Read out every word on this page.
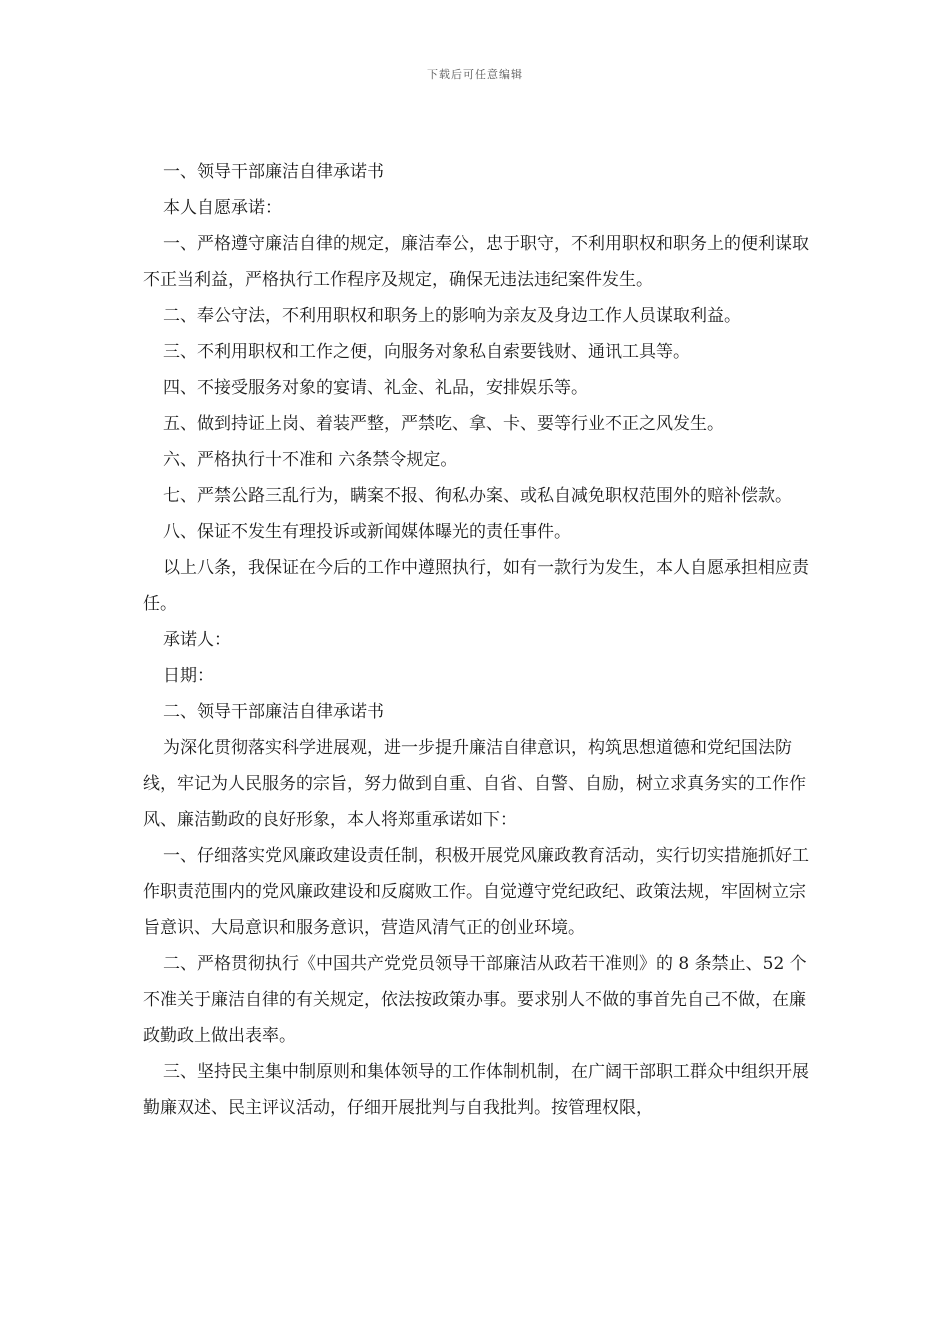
下载后可任意编辑

一、领导干部廉洁自律承诺书

本人自愿承诺：

一、严格遵守廉洁自律的规定，廉洁奉公，忠于职守，不利用职权和职务上的便利谋取不正当利益，严格执行工作程序及规定，确保无违法违纪案件发生。

二、奉公守法，不利用职权和职务上的影响为亲友及身边工作人员谋取利益。

三、不利用职权和工作之便，向服务对象私自索要钱财、通讯工具等。

四、不接受服务对象的宴请、礼金、礼品，安排娱乐等。

五、做到持证上岗、着装严整，严禁吃、拿、卡、要等行业不正之风发生。

六、严格执行十不准和 六条禁令规定。

七、严禁公路三乱行为，瞒案不报、徇私办案、或私自减免职权范围外的赔补偿款。

八、保证不发生有理投诉或新闻媒体曝光的责任事件。

以上八条，我保证在今后的工作中遵照执行，如有一款行为发生，本人自愿承担相应责任。

承诺人：

日期：

二、领导干部廉洁自律承诺书

为深化贯彻落实科学进展观，进一步提升廉洁自律意识，构筑思想道德和党纪国法防线，牢记为人民服务的宗旨，努力做到自重、自省、自警、自励，树立求真务实的工作作风、廉洁勤政的良好形象，本人将郑重承诺如下：

一、仔细落实党风廉政建设责任制，积极开展党风廉政教育活动，实行切实措施抓好工作职责范围内的党风廉政建设和反腐败工作。自觉遵守党纪政纪、政策法规，牢固树立宗旨意识、大局意识和服务意识，营造风清气正的创业环境。

二、严格贯彻执行《中国共产党党员领导干部廉洁从政若干准则》的 8 条禁止、52 个不准关于廉洁自律的有关规定，依法按政策办事。要求别人不做的事首先自己不做，在廉政勤政上做出表率。

三、坚持民主集中制原则和集体领导的工作体制机制，在广阔干部职工群众中组织开展勤廉双述、民主评议活动，仔细开展批判与自我批判。按管理权限，
